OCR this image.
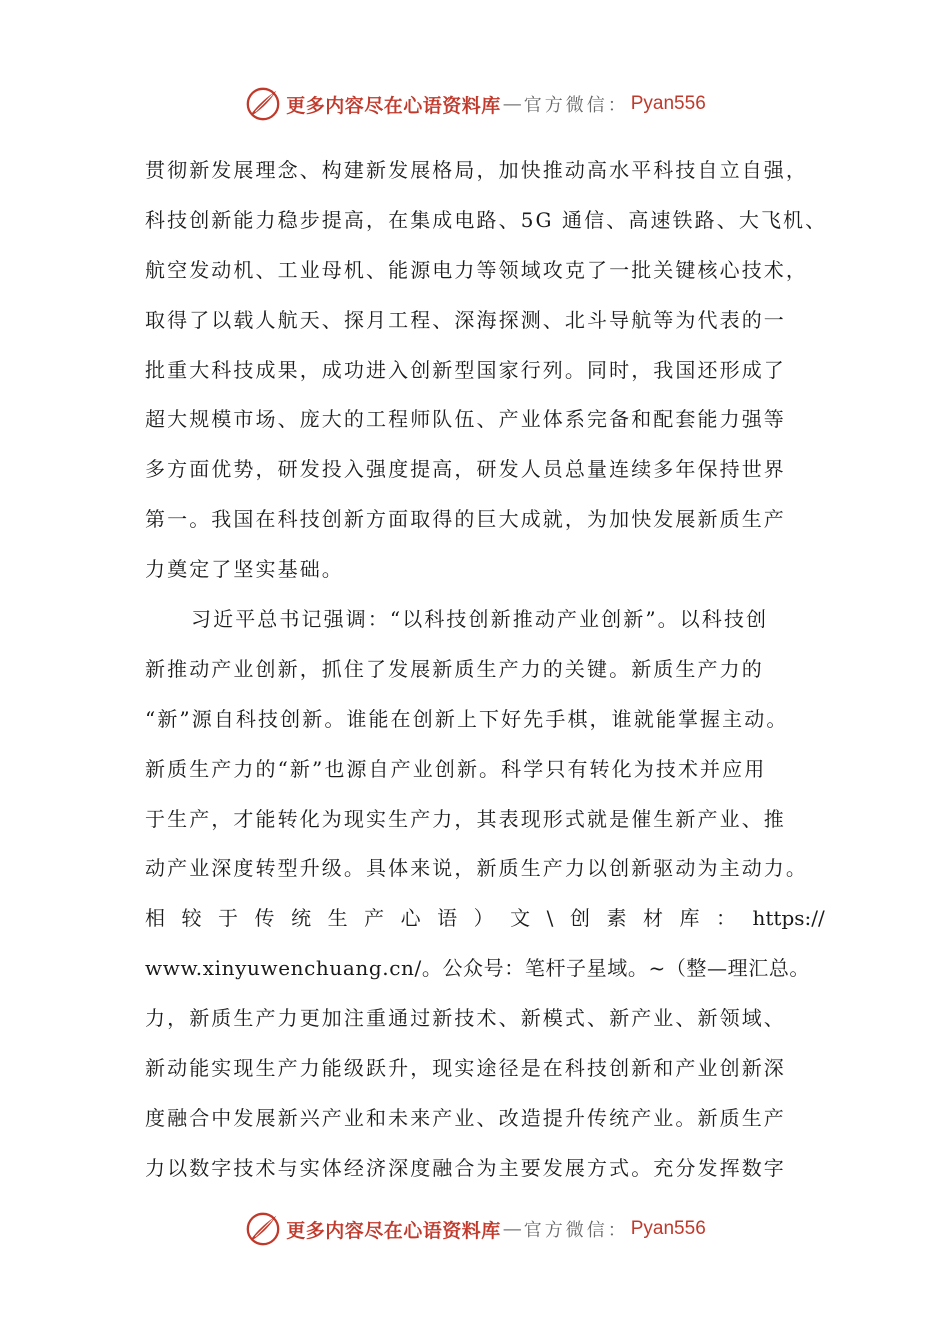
更多内容尽在心语资料库 — 官方微信： Pyan556
贯彻新发展理念、构建新发展格局，加快推动高水平科技自立自强，
科技创新能力稳步提高，在集成电路、5G 通信、高速铁路、大飞机、
航空发动机、工业母机、能源电力等领域攻克了一批关键核心技术，
取得了以载人航天、探月工程、深海探测、北斗导航等为代表的一
批重大科技成果，成功进入创新型国家行列。同时，我国还形成了
超大规模市场、庞大的工程师队伍、产业体系完备和配套能力强等
多方面优势，研发投入强度提高，研发人员总量连续多年保持世界
第一。我国在科技创新方面取得的巨大成就，为加快发展新质生产
力奠定了坚实基础。
习近平总书记强调：“以科技创新推动产业创新”。以科技创
新推动产业创新，抓住了发展新质生产力的关键。新质生产力的
“新”源自科技创新。谁能在创新上下好先手棋，谁就能掌握主动。
新质生产力的“新”也源自产业创新。科学只有转化为技术并应用
于生产，才能转化为现实生产力，其表现形式就是催生新产业、推
动产业深度转型升级。具体来说，新质生产力以创新驱动为主动力。
相 较 于 传 统 生 产 心 语 ） 文 \ 创 素 材 库 ： https://
www.xinyuwenchuang.cn/。公众号：笔杆子星域。~（整—理汇总。
力，新质生产力更加注重通过新技术、新模式、新产业、新领域、
新动能实现生产力能级跃升，现实途径是在科技创新和产业创新深
度融合中发展新兴产业和未来产业、改造提升传统产业。新质生产
力以数字技术与实体经济深度融合为主要发展方式。充分发挥数字
更多内容尽在心语资料库 — 官方微信： Pyan556
